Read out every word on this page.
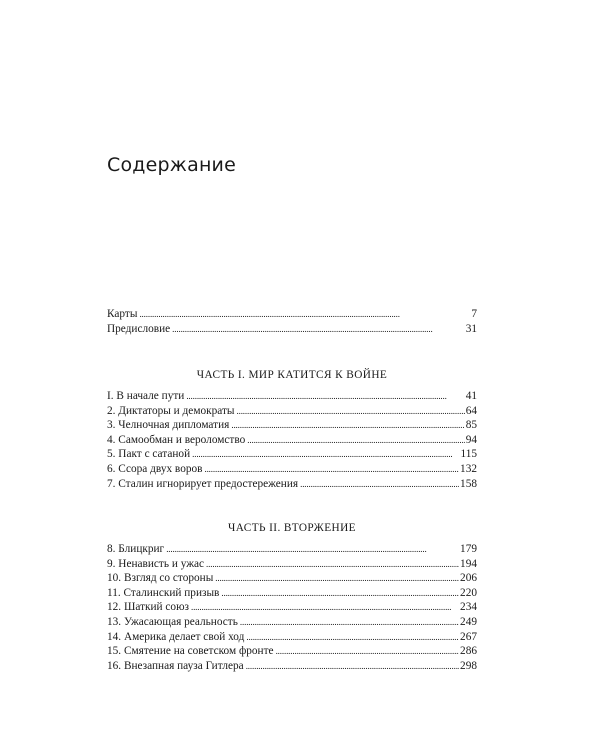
Содержание
Карты . . .	7
Предисловие . . .	31
ЧАСТЬ I. МИР КАТИТСЯ К ВОЙНЕ
I. В начале пути . . .	41
2. Диктаторы и демократы . . .	64
3. Челночная дипломатия . . .	85
4. Самообман и вероломство . . .	94
5. Пакт с сатаной . . .	115
6. Ссора двух воров . . .	132
7. Сталин игнорирует предостережения . . .	158
ЧАСТЬ II. ВТОРЖЕНИЕ
8. Блицкриг . . .	179
9. Ненависть и ужас . . .	194
10. Взгляд со стороны . . .	206
11. Сталинский призыв . . .	220
12. Шаткий союз . . .	234
13. Ужасающая реальность . . .	249
14. Америка делает свой ход . . .	267
15. Смятение на советском фронте . . .	286
16. Внезапная пауза Гитлера . . .	298
